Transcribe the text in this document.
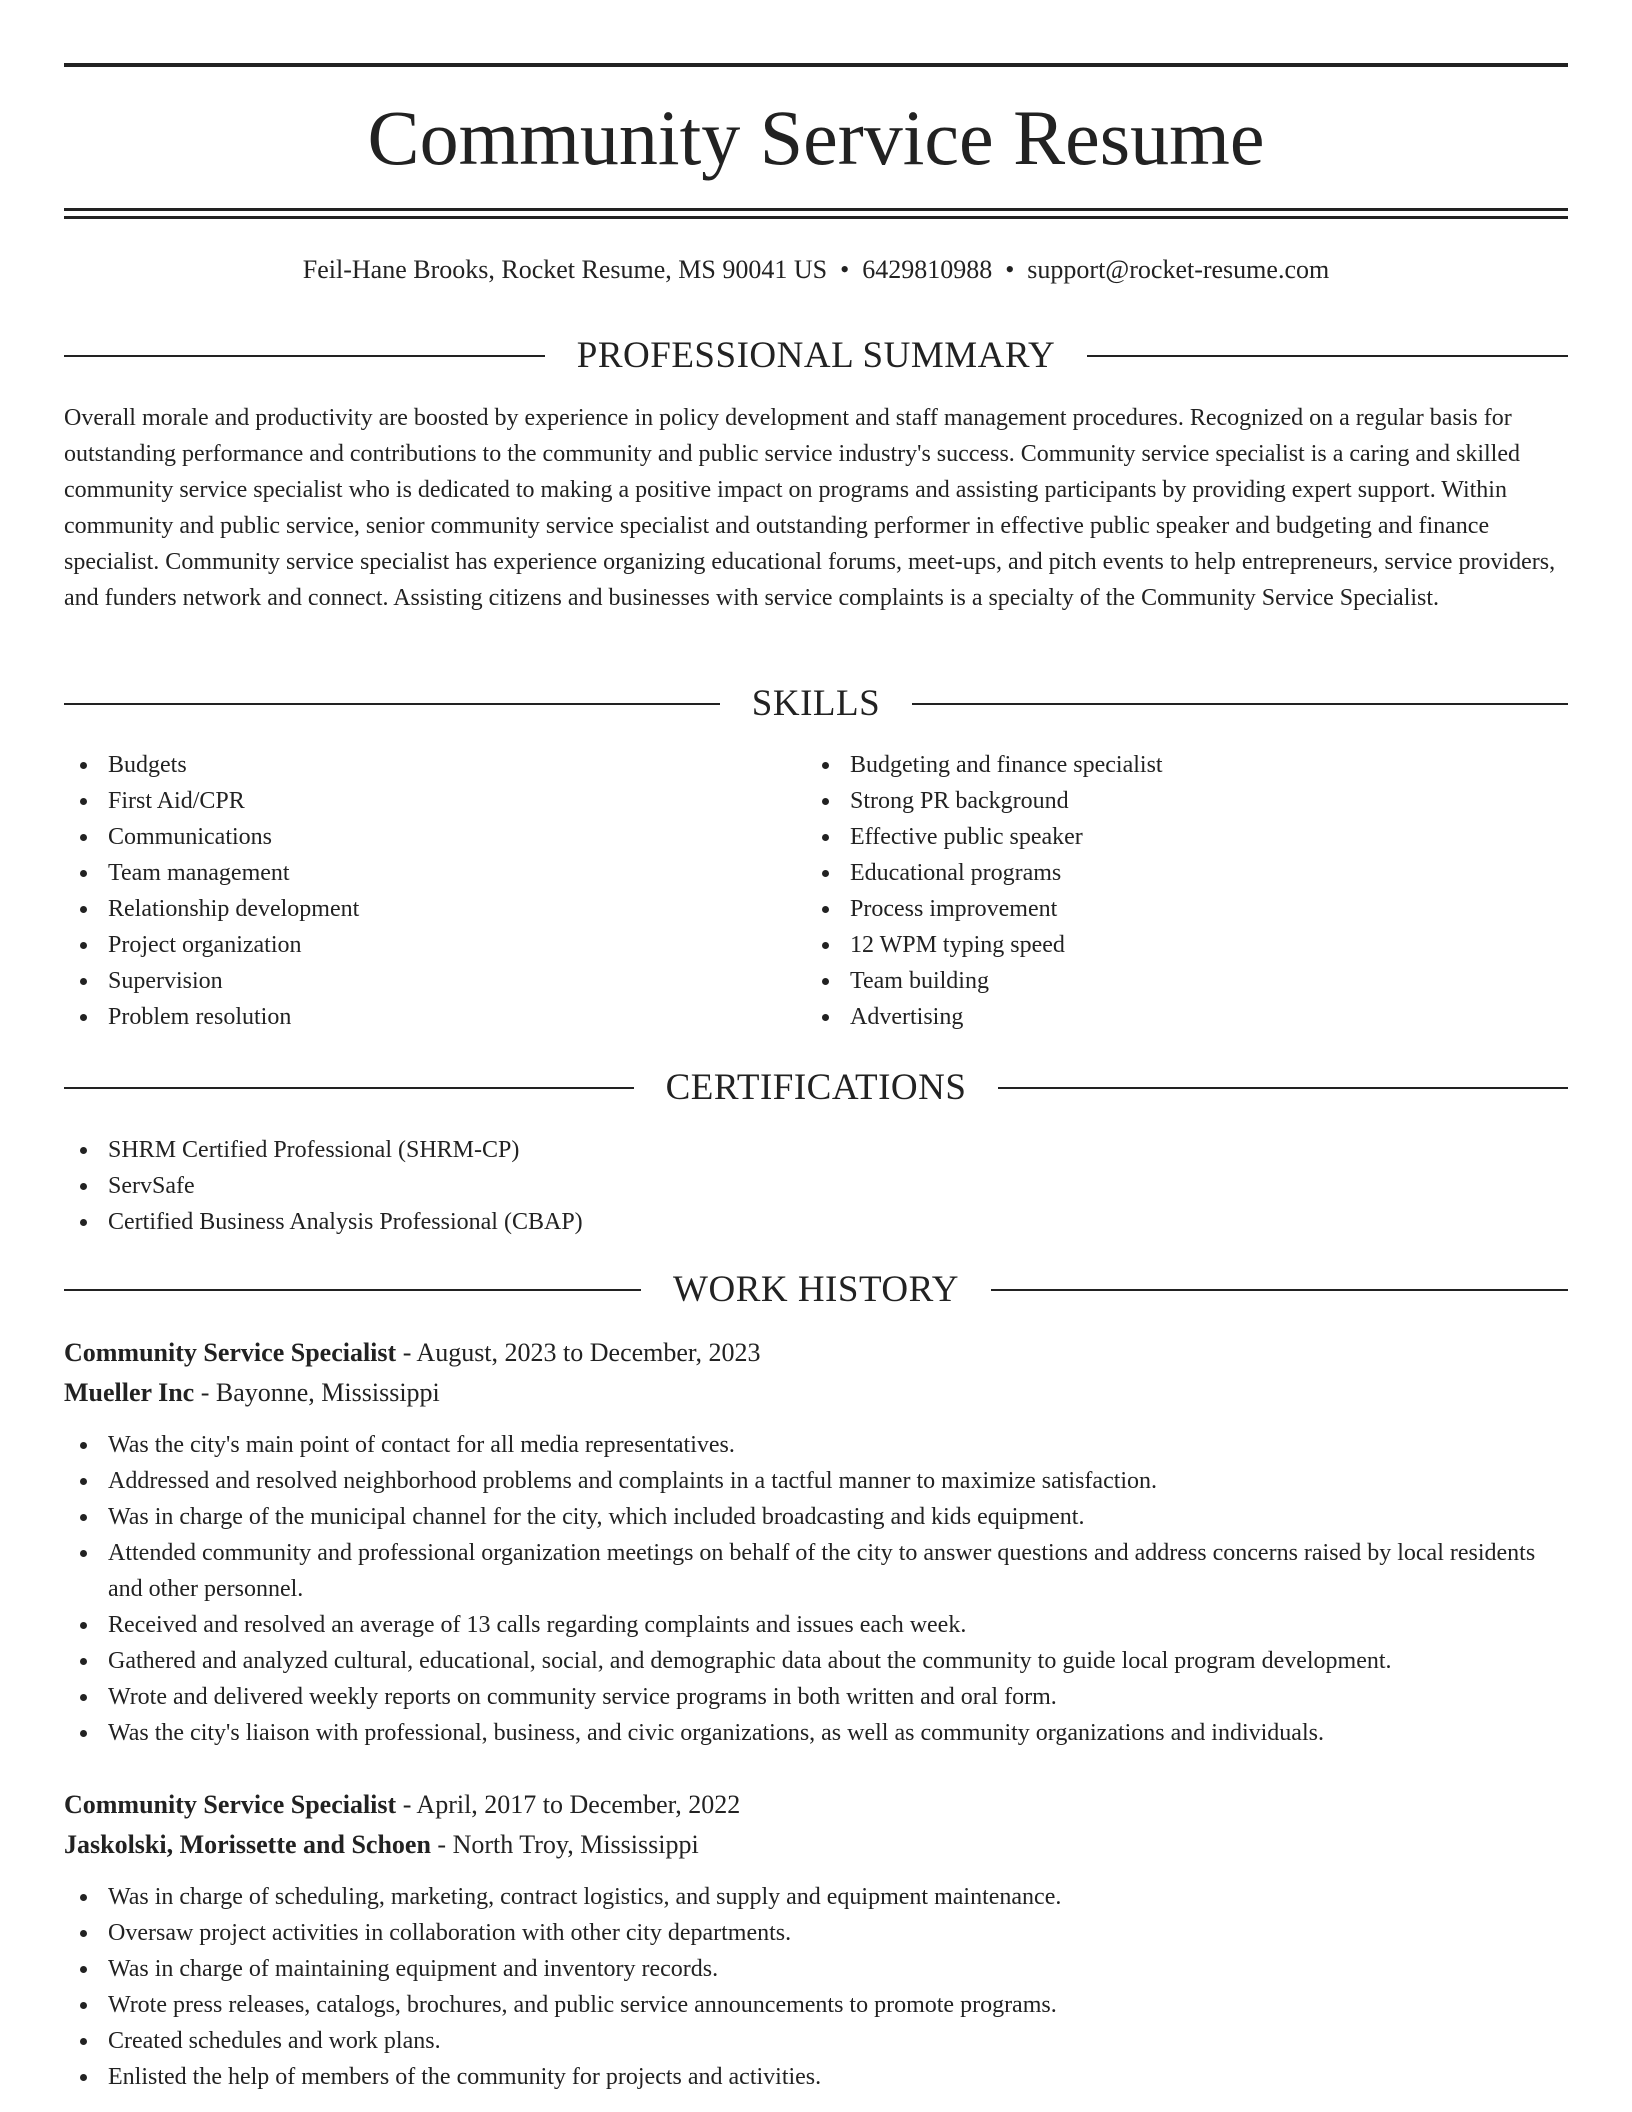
Community Service Resume
Feil-Hane Brooks, Rocket Resume, MS 90041 US • 6429810988 • support@rocket-resume.com
PROFESSIONAL SUMMARY

Overall morale and productivity are boosted by experience in policy development and staff management procedures. Recognized on a regular basis for outstanding performance and contributions to the community and public service industry's success. Community service specialist is a caring and skilled community service specialist who is dedicated to making a positive impact on programs and assisting participants by providing expert support. Within community and public service, senior community service specialist and outstanding performer in effective public speaker and budgeting and finance specialist. Community service specialist has experience organizing educational forums, meet-ups, and pitch events to help entrepreneurs, service providers, and funders network and connect. Assisting citizens and businesses with service complaints is a specialty of the Community Service Specialist.

SKILLS
Budgets
First Aid/CPR
Communications
Team management
Relationship development
Project organization
Supervision
Problem resolution
Budgeting and finance specialist
Strong PR background
Effective public speaker
Educational programs
Process improvement
12 WPM typing speed
Team building
Advertising
CERTIFICATIONS
SHRM Certified Professional (SHRM-CP)
ServSafe
Certified Business Analysis Professional (CBAP)
WORK HISTORY
Community Service Specialist - August, 2023 to December, 2023
Mueller Inc - Bayonne, Mississippi
Was the city's main point of contact for all media representatives.
Addressed and resolved neighborhood problems and complaints in a tactful manner to maximize satisfaction.
Was in charge of the municipal channel for the city, which included broadcasting and kids equipment.
Attended community and professional organization meetings on behalf of the city to answer questions and address concerns raised by local residents and other personnel.
Received and resolved an average of 13 calls regarding complaints and issues each week.
Gathered and analyzed cultural, educational, social, and demographic data about the community to guide local program development.
Wrote and delivered weekly reports on community service programs in both written and oral form.
Was the city's liaison with professional, business, and civic organizations, as well as community organizations and individuals.
Community Service Specialist - April, 2017 to December, 2022
Jaskolski, Morissette and Schoen - North Troy, Mississippi
Was in charge of scheduling, marketing, contract logistics, and supply and equipment maintenance.
Oversaw project activities in collaboration with other city departments.
Was in charge of maintaining equipment and inventory records.
Wrote press releases, catalogs, brochures, and public service announcements to promote programs.
Created schedules and work plans.
Enlisted the help of members of the community for projects and activities.
